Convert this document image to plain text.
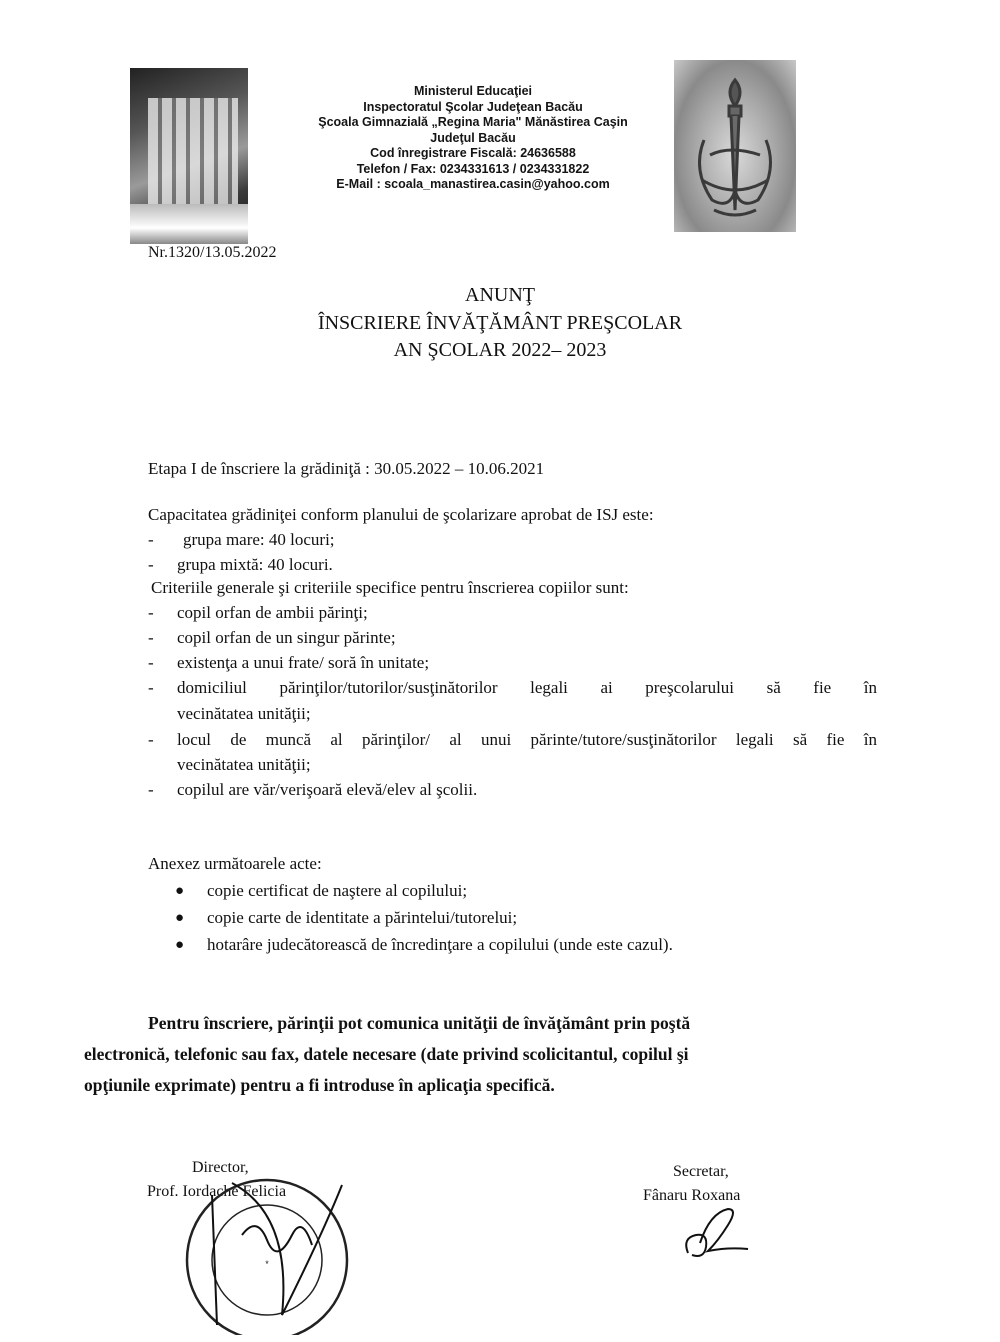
Ministerul Educaţiei
Inspectoratul Şcolar Judeţean Bacău
Şcoala Gimnazială „Regina Maria" Mănăstirea Caşin
Judeţul Bacău
Cod înregistrare Fiscală: 24636588
Telefon / Fax: 0234331613 / 0234331822
E-Mail : scoala_manastirea.casin@yahoo.com
Nr.1320/13.05.2022
ANUNŢ
ÎNSCRIERE ÎNVĂŢĂMÂNT PREŞCOLAR
AN ŞCOLAR 2022– 2023
Etapa I de înscriere la grădiniţă : 30.05.2022 – 10.06.2021
Capacitatea grădiniţei conform planului de şcolarizare aprobat de ISJ este:
- grupa mare: 40 locuri;
- grupa mixtă: 40 locuri.
Criteriile generale şi criteriile specifice pentru înscrierea copiilor sunt:
- copil orfan de ambii părinţi;
- copil orfan de un singur părinte;
- existenţa a unui frate/ soră în unitate;
- domiciliul părinţilor/tutorilor/susţinătorilor legali ai preşcolarului să fie în
vecinătatea unităţii;
- locul de muncă al părinţilor/ al unui părinte/tutore/susţinătorilor legali să fie în
vecinătatea unităţii;
- copilul are văr/verişoară elevă/elev al şcolii.
Anexez următoarele acte:
● copie certificat de naştere al copilului;
● copie carte de identitate a părintelui/tutorelui;
● hotarâre judecătorească de încredinţare a copilului (unde este cazul).
Pentru înscriere, părinţii pot comunica unităţii de învăţământ prin poştă
electronică, telefonic sau fax, datele necesare (date privind scolicitantul, copilul şi
opţiunile exprimate) pentru a fi introduse în aplicaţia specifică.
Director,
Prof. Iordache Felicia
Secretar,
Fânaru Roxana
*
